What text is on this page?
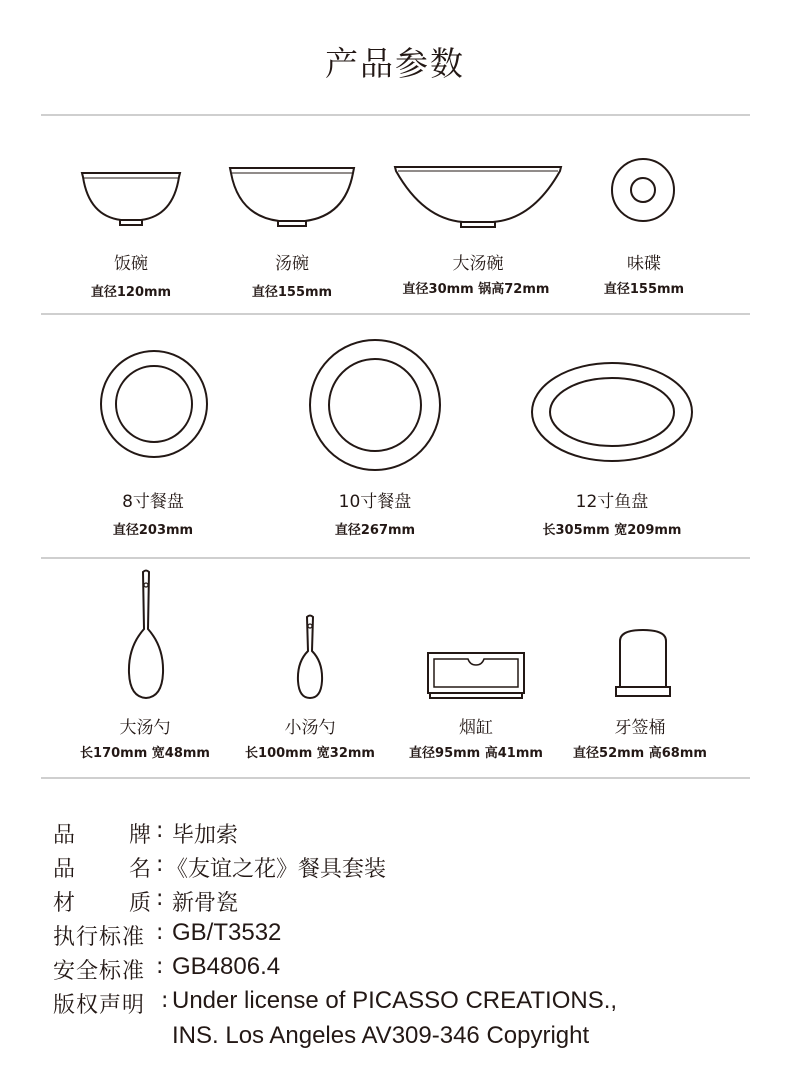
产品参数
饭碗
直径120mm
汤碗
直径155mm
大汤碗
直径30mm 锅高72mm
味碟
直径155mm
8寸餐盘
直径203mm
10寸餐盘
直径267mm
12寸鱼盘
长305mm 宽209mm
大汤勺
长170mm 宽48mm
小汤勺
长100mm 宽32mm
烟缸
直径95mm 高41mm
牙签桶
直径52mm 高68mm
品 牌 : 毕加索
品 名 : 《友谊之花》餐具套装
材 质 : 新骨瓷
执行标准 : GB/T3532
安全标准 : GB4806.4
版权声明 : Under license of PICASSO CREATIONS.,
INS. Los Angeles AV309-346 Copyright
